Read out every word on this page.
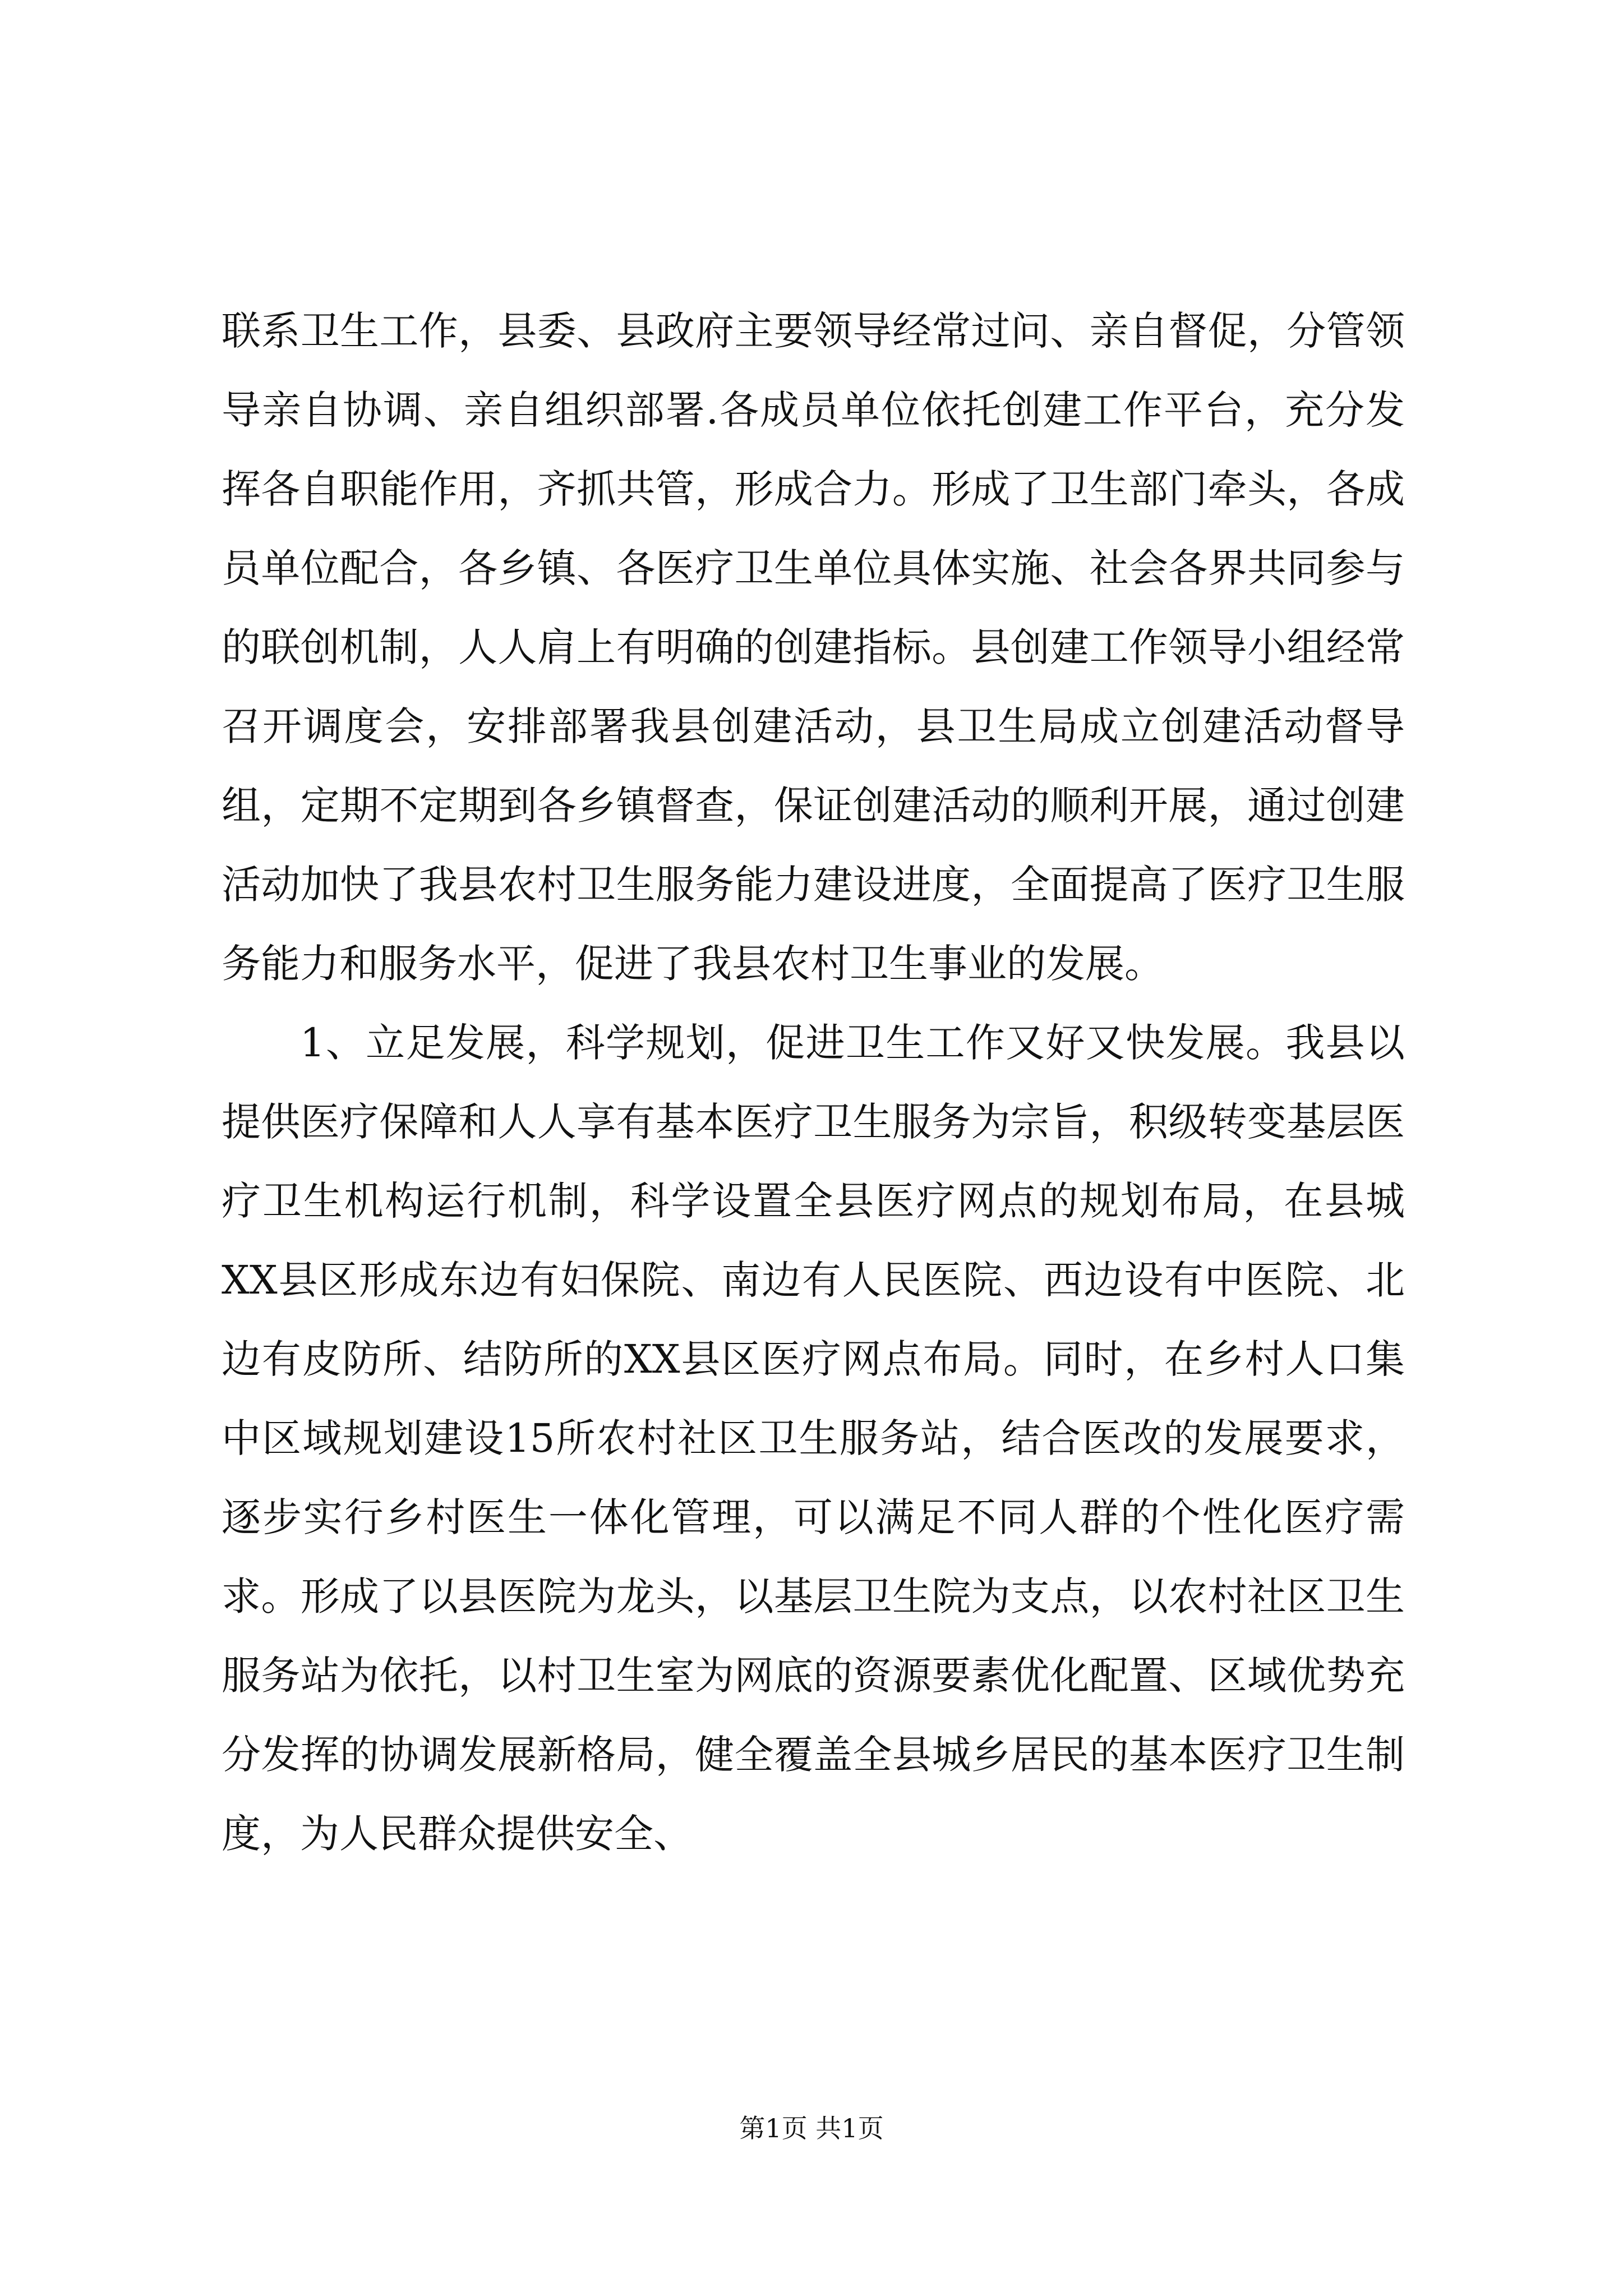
联系卫生工作，县委、县政府主要领导经常过问、亲自督促，分管领导亲自协调、亲自组织部署.各成员单位依托创建工作平台，充分发挥各自职能作用，齐抓共管，形成合力。形成了卫生部门牵头，各成员单位配合，各乡镇、各医疗卫生单位具体实施、社会各界共同参与的联创机制，人人肩上有明确的创建指标。县创建工作领导小组经常召开调度会，安排部署我县创建活动，县卫生局成立创建活动督导组，定期不定期到各乡镇督查，保证创建活动的顺利开展，通过创建活动加快了我县农村卫生服务能力建设进度，全面提高了医疗卫生服务能力和服务水平，促进了我县农村卫生事业的发展。

1、立足发展，科学规划，促进卫生工作又好又快发展。我县以提供医疗保障和人人享有基本医疗卫生服务为宗旨，积级转变基层医疗卫生机构运行机制，科学设置全县医疗网点的规划布局，在县城XX县区形成东边有妇保院、南边有人民医院、西边设有中医院、北边有皮防所、结防所的XX县区医疗网点布局。同时，在乡村人口集中区域规划建设15所农村社区卫生服务站，结合医改的发展要求，逐步实行乡村医生一体化管理，可以满足不同人群的个性化医疗需求。形成了以县医院为龙头，以基层卫生院为支点，以农村社区卫生服务站为依托，以村卫生室为网底的资源要素优化配置、区域优势充分发挥的协调发展新格局，健全覆盖全县城乡居民的基本医疗卫生制度，为人民群众提供安全、

第1页 共1页
